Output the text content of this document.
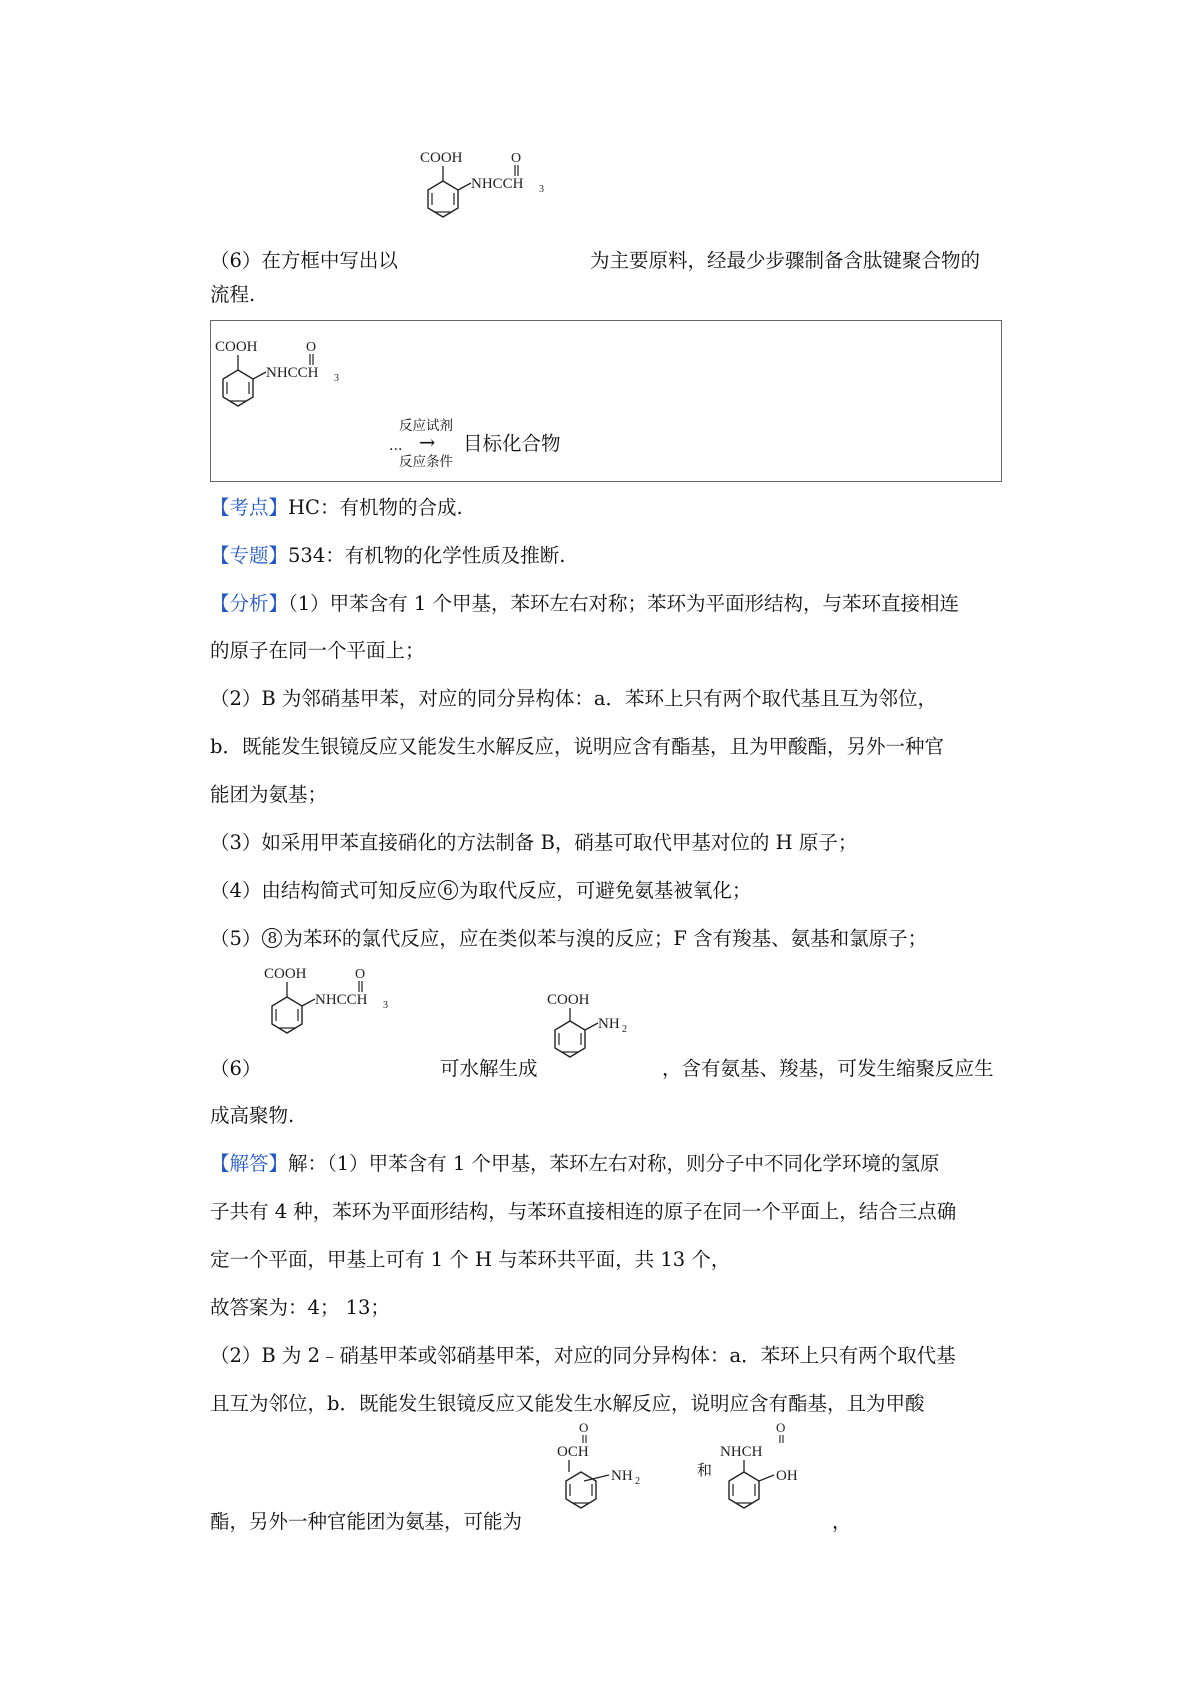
COOH	O
NHCCH 3
（6）在方框中写出以	为主要原料，经最少步骤制备含肽键聚合物的
流程.
COOH	O
NHCCH 3
反应试剂
… → 目标化合物
反应条件
【考点】HC：有机物的合成.
【专题】534：有机物的化学性质及推断.
【分析】（1）甲苯含有 1 个甲基，苯环左右对称；苯环为平面形结构，与苯环直接相连
的原子在同一个平面上；
（2）B 为邻硝基甲苯，对应的同分异构体：a．苯环上只有两个取代基且互为邻位，
b．既能发生银镜反应又能发生水解反应，说明应含有酯基，且为甲酸酯，另外一种官
能团为氨基；
（3）如采用甲苯直接硝化的方法制备 B，硝基可取代甲基对位的 H 原子；
（4）由结构简式可知反应 6 为取代反应，可避免氨基被氧化；
（5） 8 为苯环的氯代反应，应在类似苯与溴的反应；F 含有羧基、氨基和氯原子；
COOH	O
NHCCH 3	COOH
NH 2
（6）	可水解生成	，含有氨基、羧基，可发生缩聚反应生
成高聚物.
【解答】解：（1）甲苯含有 1 个甲基，苯环左右对称，则分子中不同化学环境的氢原
子共有 4 种，苯环为平面形结构，与苯环直接相连的原子在同一个平面上，结合三点确
定一个平面，甲基上可有 1 个 H 与苯环共平面，共 13 个，
故答案为：4； 13；
（2）B 为 2﹣硝基甲苯或邻硝基甲苯，对应的同分异构体：a．苯环上只有两个取代基
且互为邻位，b．既能发生银镜反应又能发生水解反应，说明应含有酯基，且为甲酸
O
OCH
NH 2
和
O
NHCH
OH
酯，另外一种官能团为氨基，可能为	，
